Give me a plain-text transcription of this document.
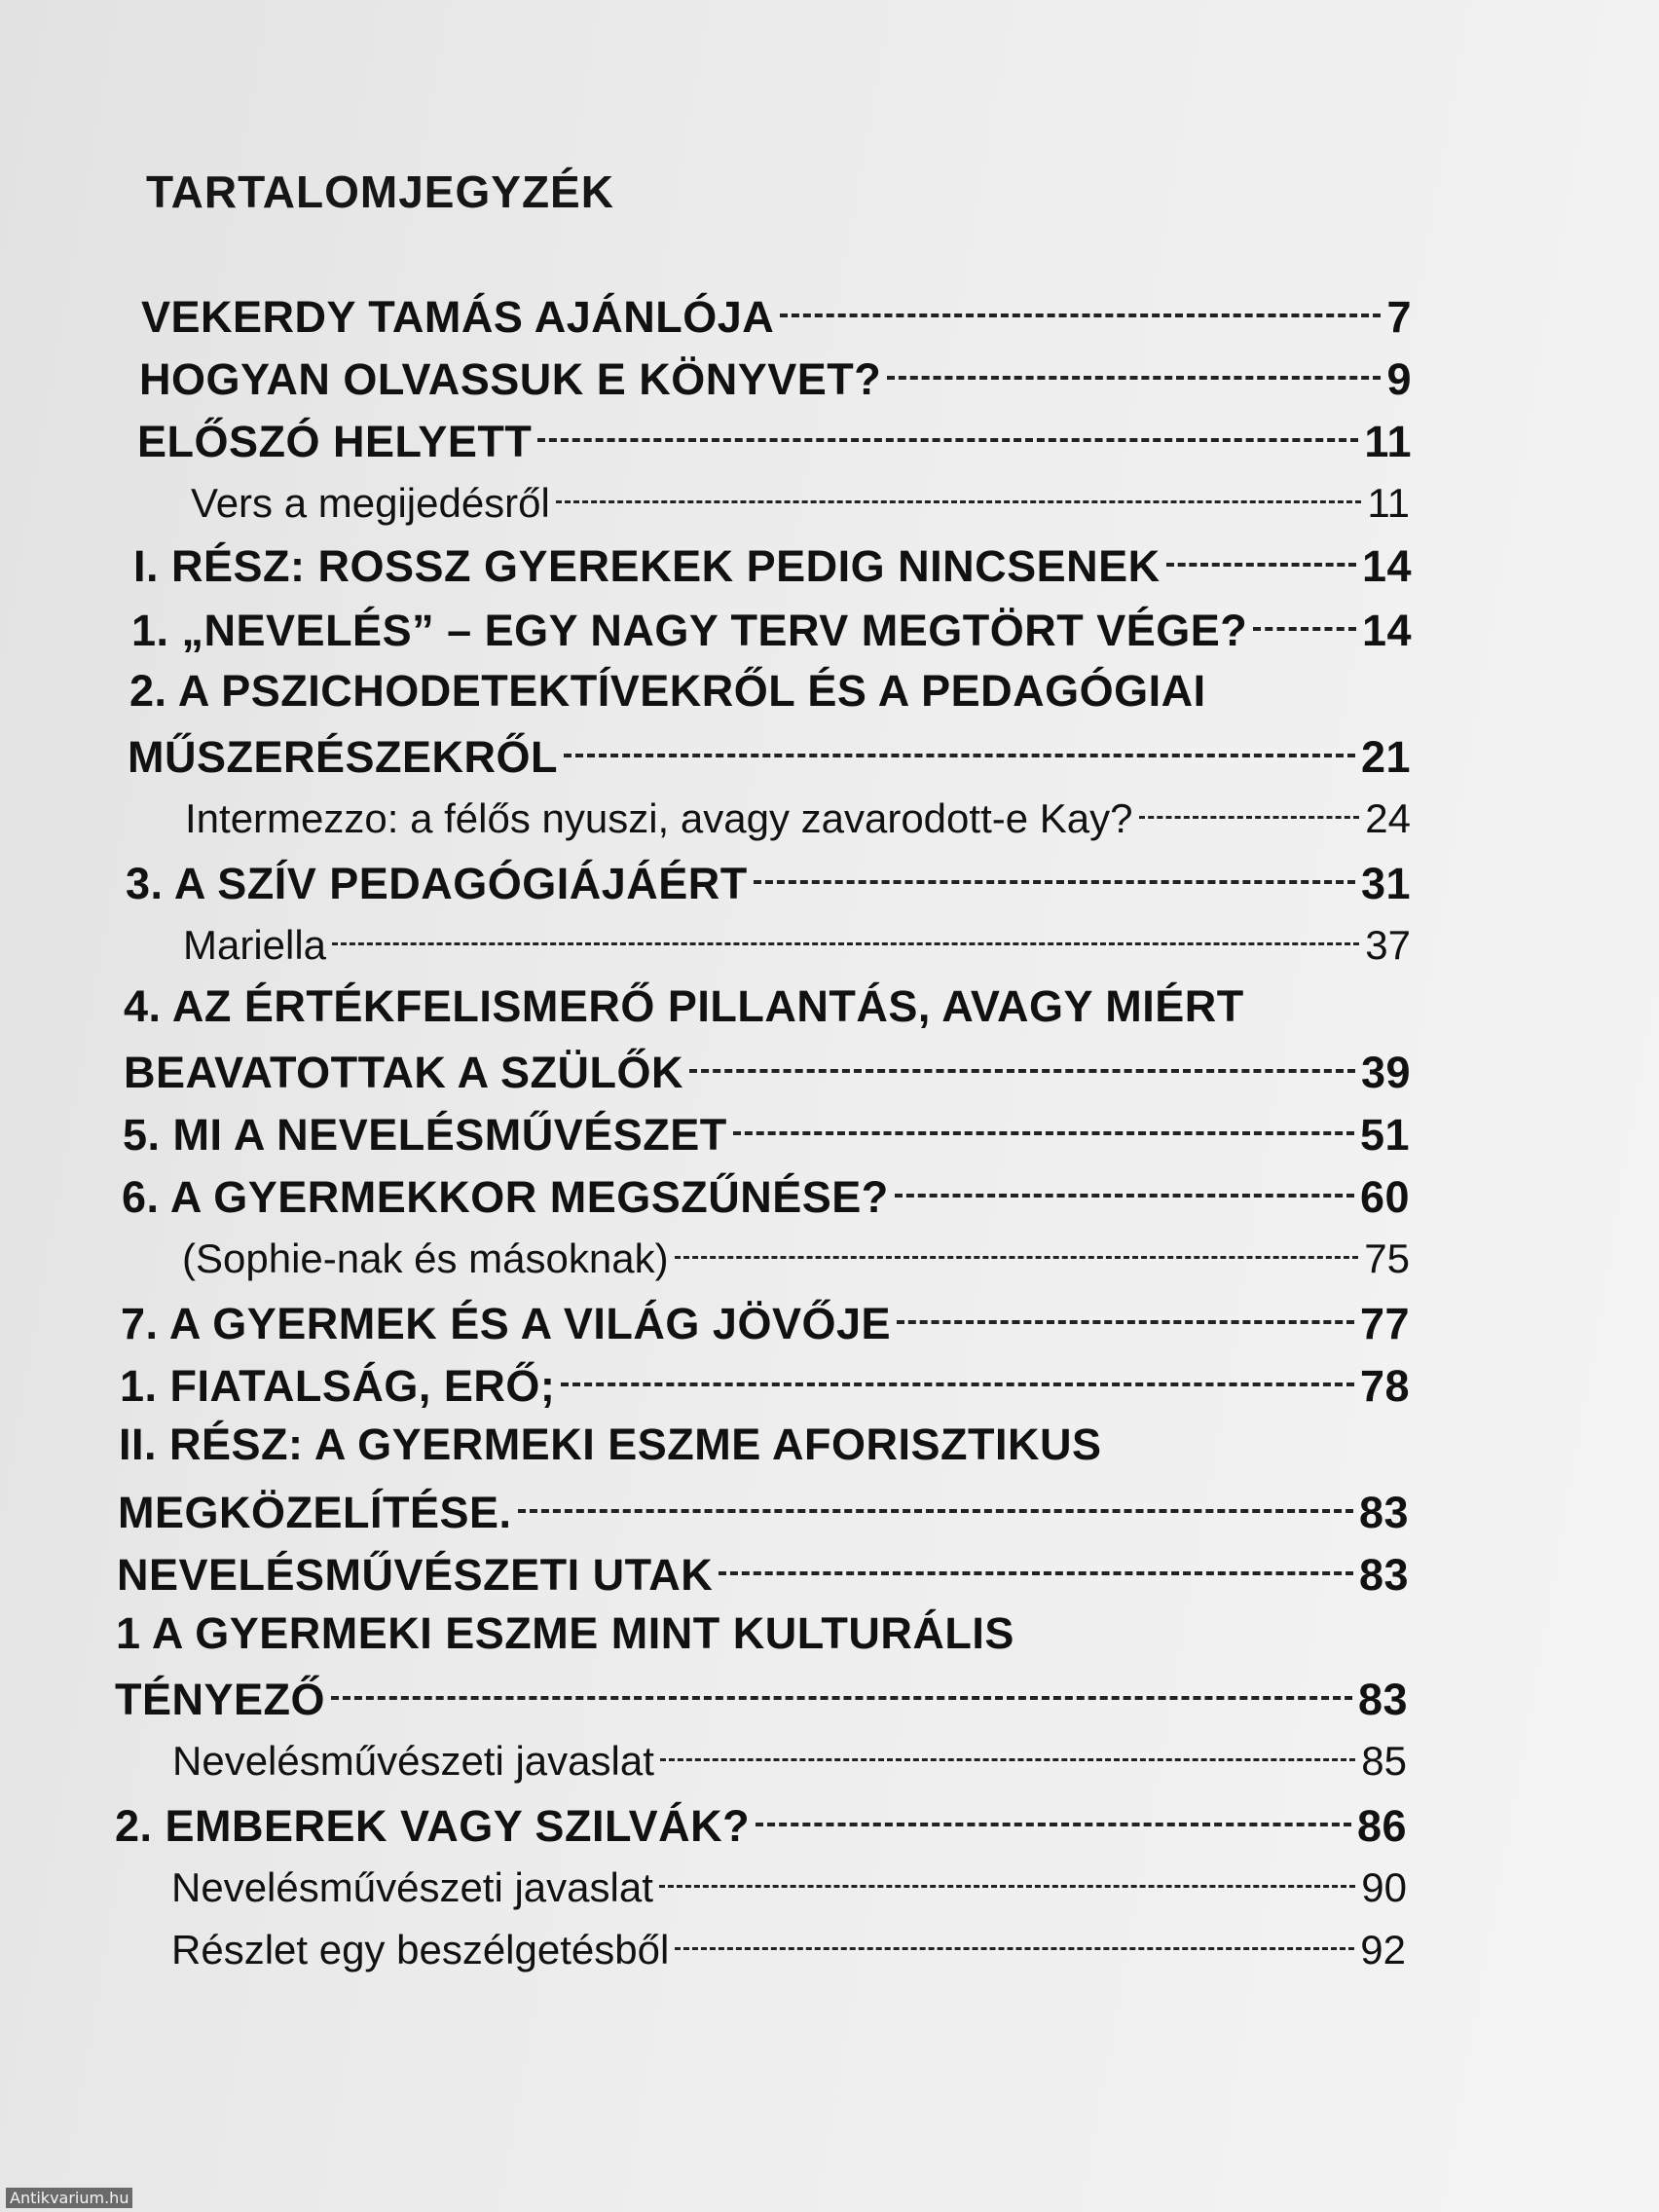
TARTALOMJEGYZÉK
VEKERDY TAMÁS AJÁNLÓJA	7
HOGYAN OLVASSUK E KÖNYVET?	9
ELŐSZÓ HELYETT	11
Vers a megijedésről	11
I. RÉSZ: ROSSZ GYEREKEK PEDIG NINCSENEK	14
1. „NEVELÉS” – EGY NAGY TERV MEGTÖRT VÉGE?	14
2. A PSZICHODETEKTÍVEKRŐL ÉS A PEDAGÓGIAI
MŰSZERÉSZEKRŐL	21
Intermezzo: a félős nyuszi, avagy zavarodott-e Kay?	24
3. A SZÍV PEDAGÓGIÁJÁÉRT	31
Mariella	37
4. AZ ÉRTÉKFELISMERŐ PILLANTÁS, AVAGY MIÉRT
BEAVATOTTAK A SZÜLŐK	39
5. MI A NEVELÉSMŰVÉSZET	51
6. A GYERMEKKOR MEGSZŰNÉSE?	60
(Sophie-nak és másoknak)	75
7. A GYERMEK ÉS A VILÁG JÖVŐJE	77
1. FIATALSÁG, ERŐ;	78
II. RÉSZ: A GYERMEKI ESZME AFORISZTIKUS
MEGKÖZELÍTÉSE.	83
NEVELÉSMŰVÉSZETI UTAK	83
1 A GYERMEKI ESZME MINT KULTURÁLIS
TÉNYEZŐ	83
Nevelésművészeti javaslat	85
2. EMBEREK VAGY SZILVÁK?	86
Nevelésművészeti javaslat	90
Részlet egy beszélgetésből	92
Antikvarium.hu
